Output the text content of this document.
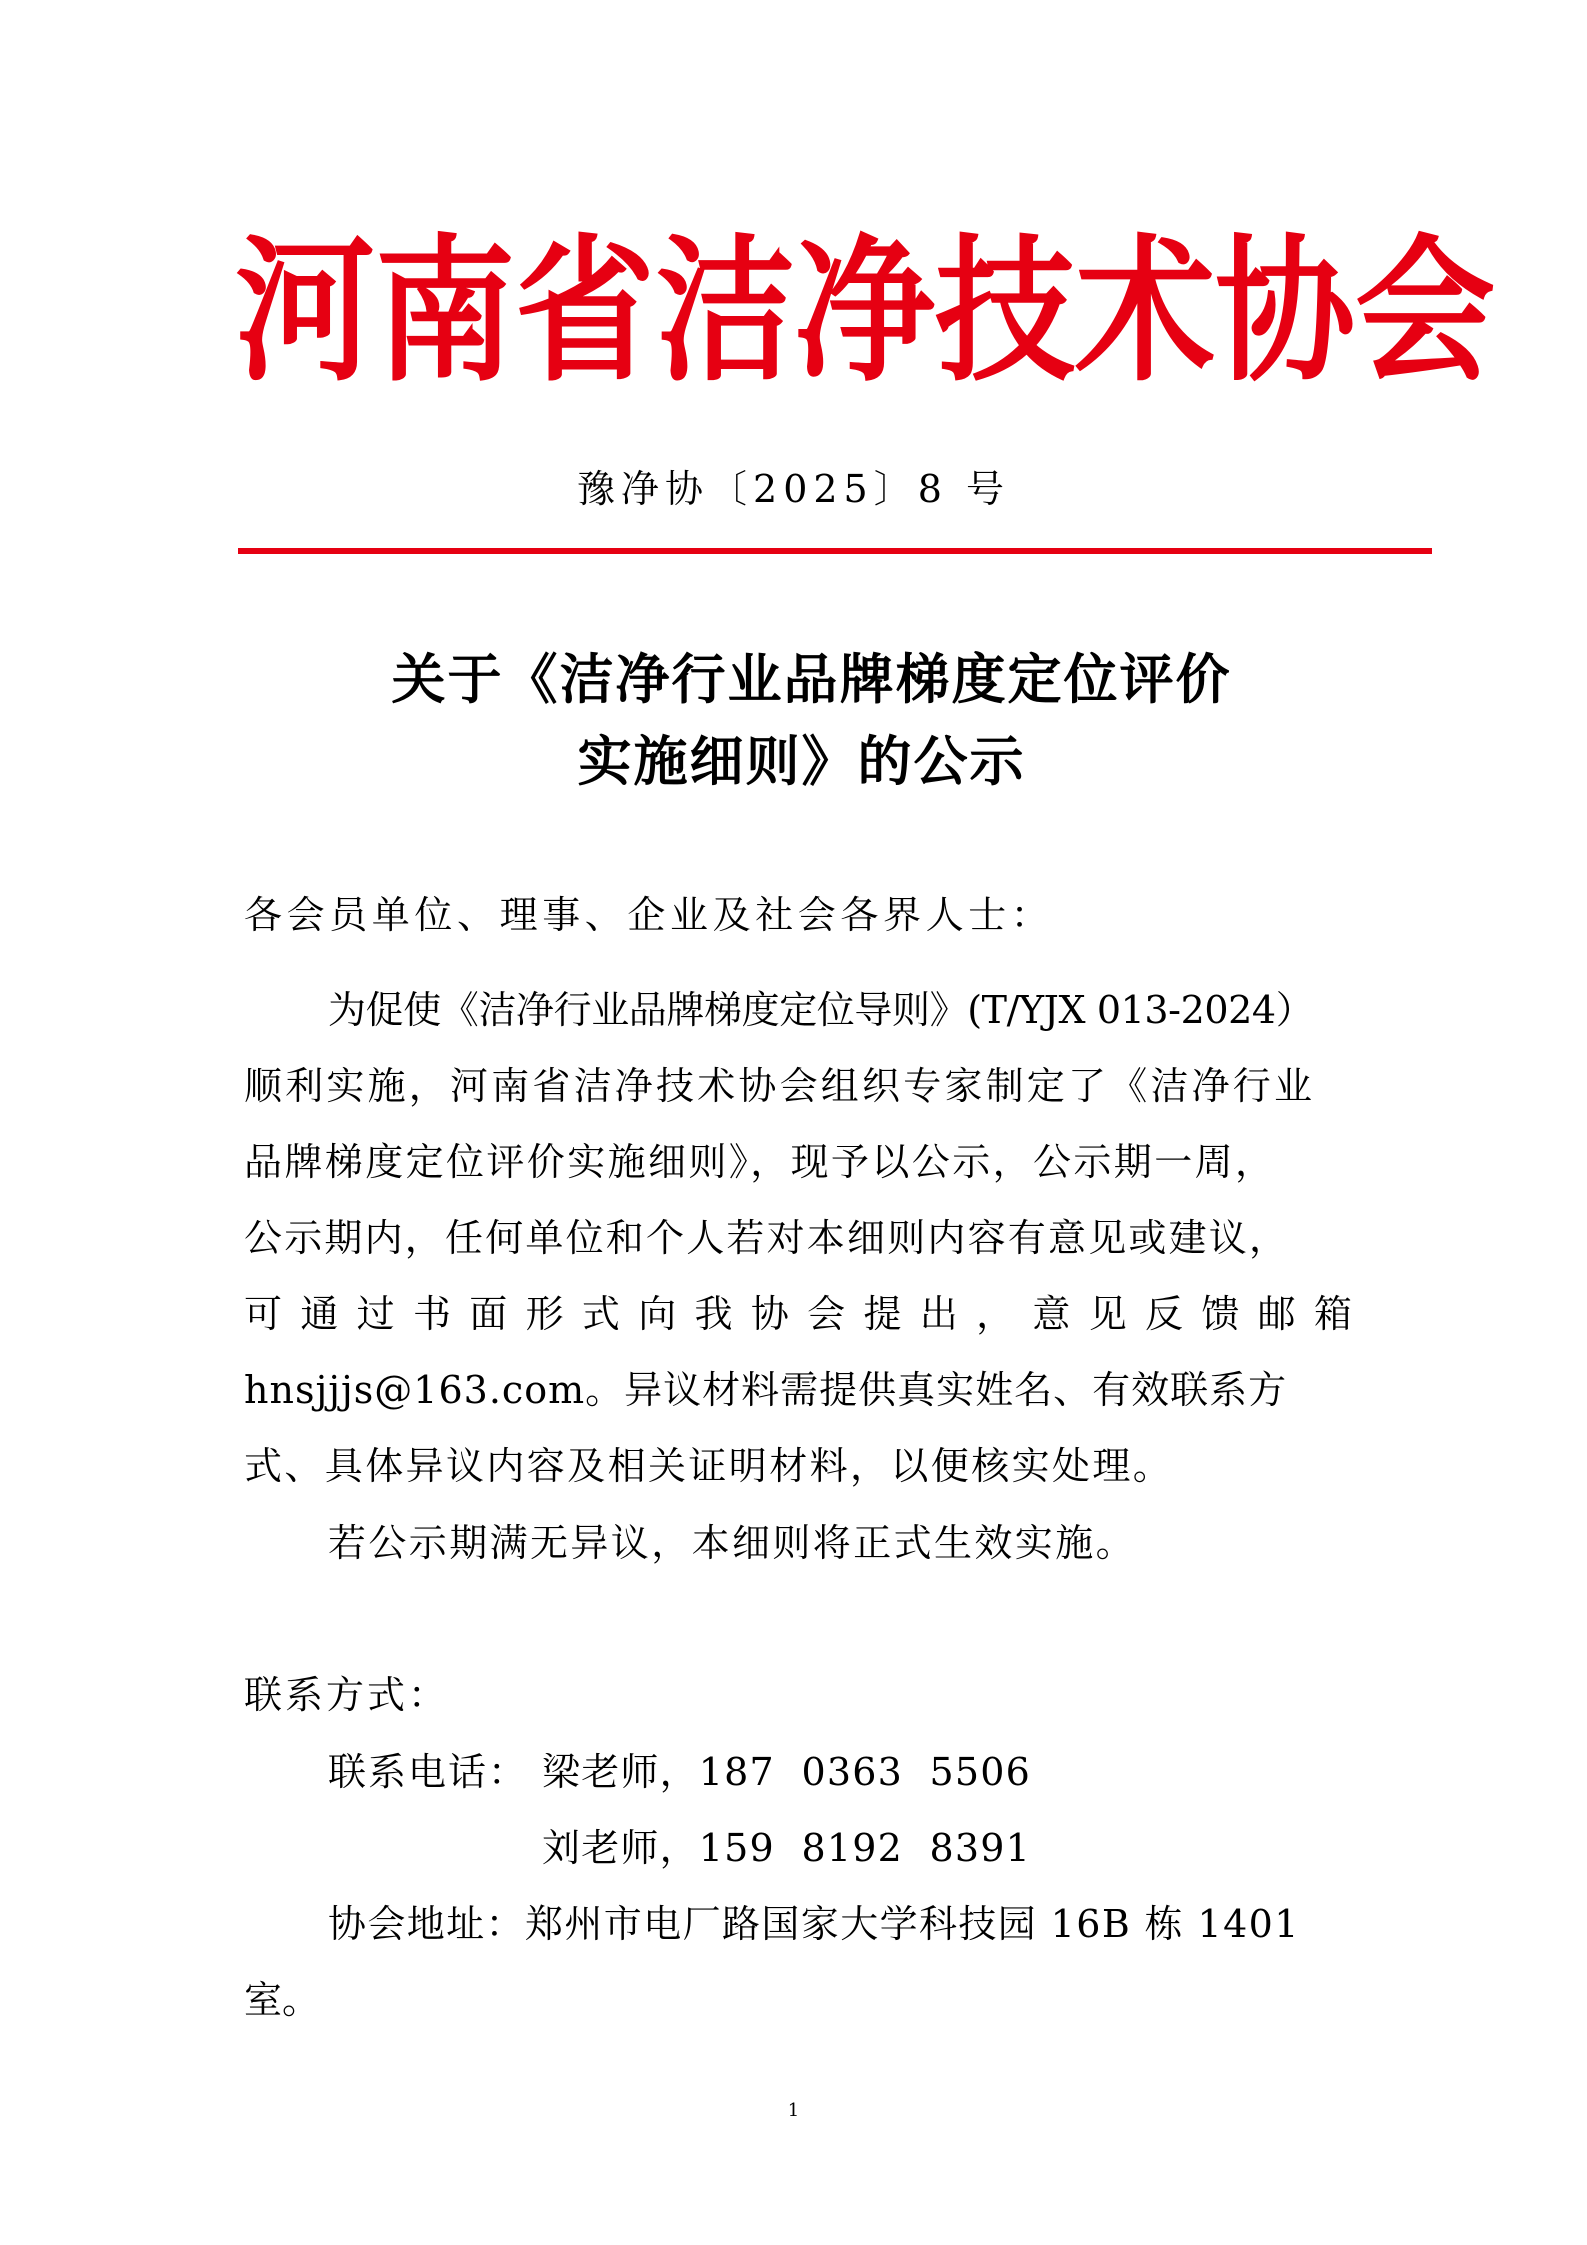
河 南 省 洁 净 技 术 协 会
豫净协〔2025〕8 号
关于《洁净行业品牌梯度定位评价
实施细则》的公示
各会员单位、理事、企业及社会各界人士：
为促使《洁净行业品牌梯度定位导则》(T/YJX 013-2024）
顺利实施，河南省洁净技术协会组织专家制定了《洁净行业
品牌梯度定位评价实施细则》，现予以公示，公示期一周，
公示期内，任何单位和个人若对本细则内容有意见或建议，
可 通 过 书 面 形 式 向 我 协 会 提 出 ， 意 见 反 馈 邮 箱
hnsjjjs@163.com。异议材料需提供真实姓名、有效联系方
式、具体异议内容及相关证明材料，以便核实处理。
若公示期满无异议，本细则将正式生效实施。
联系方式：
联系电话： 梁老师，187  0363  5506
刘老师，159  8192  8391
协会地址：郑州市电厂路国家大学科技园 16B 栋 1401
室。
1
